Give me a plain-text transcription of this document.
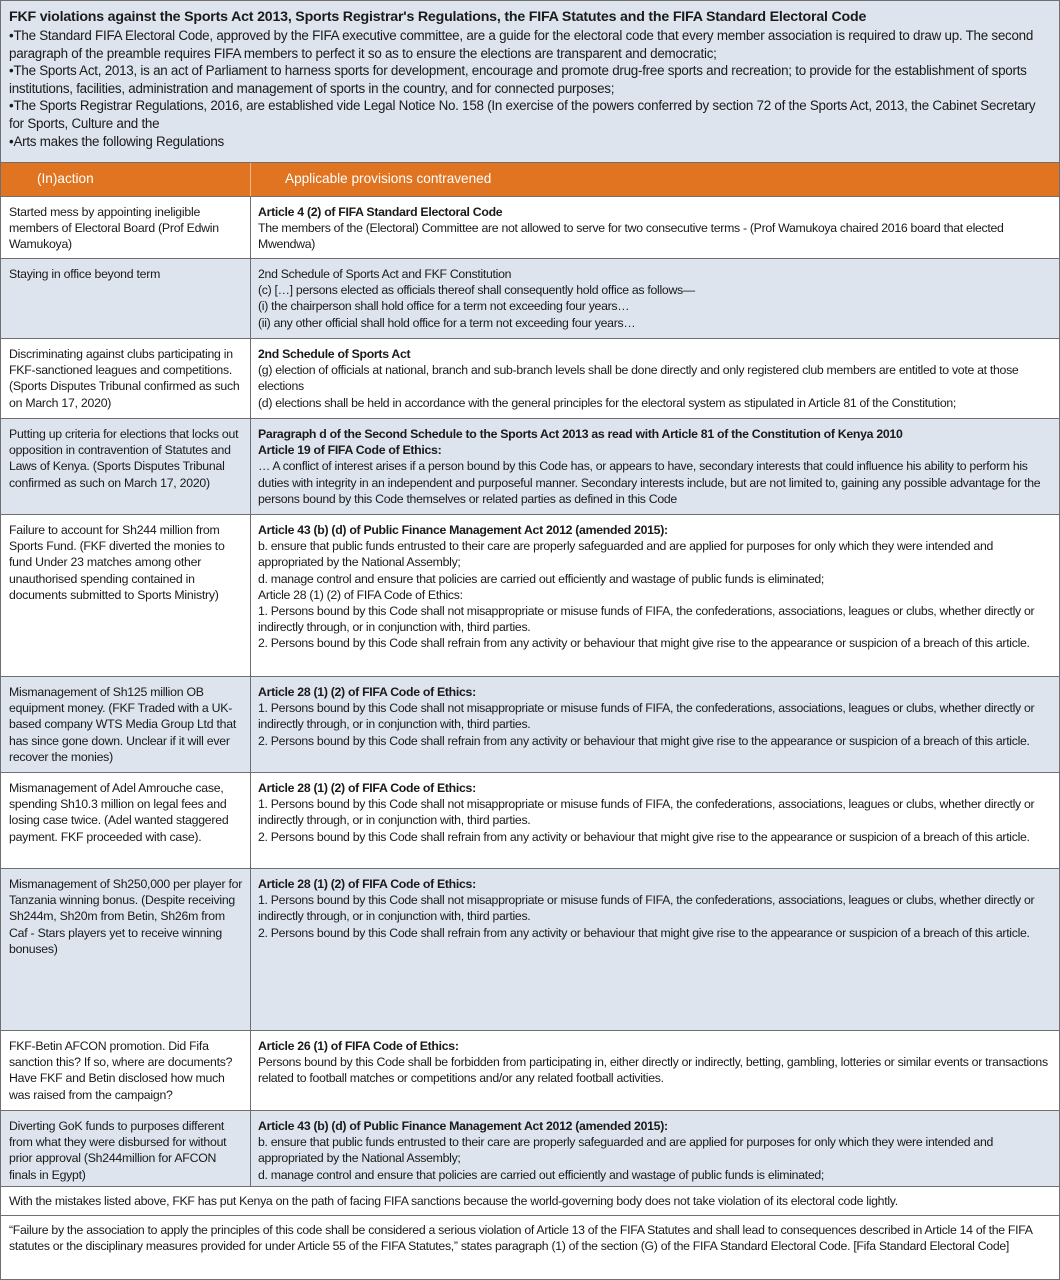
FKF violations against the Sports Act 2013, Sports Registrar's Regulations, the FIFA Statutes and the FIFA Standard Electoral Code

•The Standard FIFA Electoral Code, approved by the FIFA executive committee, are a guide for the electoral code that every member association is required to draw up. The second paragraph of the preamble requires FIFA members to perfect it so as to ensure the elections are transparent and democratic;

•The Sports Act, 2013, is an act of Parliament to harness sports for development, encourage and promote drug-free sports and recreation; to provide for the establishment of sports institutions, facilities, administration and management of sports in the country, and for connected purposes;

•The Sports Registrar Regulations, 2016, are established vide Legal Notice No. 158 (In exercise of the powers conferred by section 72 of the Sports Act, 2013, the Cabinet Secretary for Sports, Culture and the

•Arts makes the following Regulations

(In)action	Applicable provisions contravened
Started mess by appointing ineligible members of Electoral Board (Prof Edwin Wamukoya)
Article 4 (2) of FIFA Standard Electoral Code
The members of the (Electoral) Committee are not allowed to serve for two consecutive terms - (Prof Wamukoya chaired 2016 board that elected Mwendwa)
Staying in office beyond term	2nd Schedule of Sports Act and FKF Constitution
(c) […] persons elected as officials thereof shall consequently hold office as follows—
(i) the chairperson shall hold office for a term not exceeding four years…
(ii) any other official shall hold office for a term not exceeding four years…
Discriminating against clubs participating in FKF-sanctioned leagues and competitions. (Sports Disputes Tribunal confirmed as such on March 17, 2020)
2nd Schedule of Sports Act
(g) election of officials at national, branch and sub-branch levels shall be done directly and only registered club members are entitled to vote at those elections
(d) elections shall be held in accordance with the general principles for the electoral system as stipulated in Article 81 of the Constitution;
Putting up criteria for elections that locks out opposition in contravention of Statutes and Laws of Kenya. (Sports Disputes Tribunal confirmed as such on March 17, 2020)
Paragraph d of the Second Schedule to the Sports Act 2013 as read with Article 81 of the Constitution of Kenya 2010
Article 19 of FIFA Code of Ethics:
… A conflict of interest arises if a person bound by this Code has, or appears to have, secondary interests that could influence his ability to perform his duties with integrity in an independent and purposeful manner. Secondary interests include, but are not limited to, gaining any possible advantage for the persons bound by this Code themselves or related parties as defined in this Code
Failure to account for Sh244 million from Sports Fund. (FKF diverted the monies to fund Under 23 matches among other unauthorised spending contained in documents submitted to Sports Ministry)
Article 43 (b) (d) of Public Finance Management Act 2012 (amended 2015):
b. ensure that public funds entrusted to their care are properly safeguarded and are applied for purposes for only which they were intended and appropriated by the National Assembly;
d. manage control and ensure that policies are carried out efficiently and wastage of public funds is eliminated;
Article 28 (1) (2) of FIFA Code of Ethics:
1. Persons bound by this Code shall not misappropriate or misuse funds of FIFA, the confederations, associations, leagues or clubs, whether directly or indirectly through, or in conjunction with, third parties.
2. Persons bound by this Code shall refrain from any activity or behaviour that might give rise to the appearance or suspicion of a breach of this article.
Mismanagement of Sh125 million OB equipment money. (FKF Traded with a UK-based company WTS Media Group Ltd that has since gone down. Unclear if it will ever recover the monies)
Article 28 (1) (2) of FIFA Code of Ethics:
1. Persons bound by this Code shall not misappropriate or misuse funds of FIFA, the confederations, associations, leagues or clubs, whether directly or indirectly through, or in conjunction with, third parties.
2. Persons bound by this Code shall refrain from any activity or behaviour that might give rise to the appearance or suspicion of a breach of this article.
Mismanagement of Adel Amrouche case, spending Sh10.3 million on legal fees and losing case twice. (Adel wanted staggered payment. FKF proceeded with case).
Article 28 (1) (2) of FIFA Code of Ethics:
1. Persons bound by this Code shall not misappropriate or misuse funds of FIFA, the confederations, associations, leagues or clubs, whether directly or indirectly through, or in conjunction with, third parties.
2. Persons bound by this Code shall refrain from any activity or behaviour that might give rise to the appearance or suspicion of a breach of this article.
Mismanagement of Sh250,000 per player for Tanzania winning bonus. (Despite receiving Sh244m, Sh20m from Betin, Sh26m from Caf - Stars players yet to receive winning bonuses)
Article 28 (1) (2) of FIFA Code of Ethics:
1. Persons bound by this Code shall not misappropriate or misuse funds of FIFA, the confederations, associations, leagues or clubs, whether directly or indirectly through, or in conjunction with, third parties.
2. Persons bound by this Code shall refrain from any activity or behaviour that might give rise to the appearance or suspicion of a breach of this article.
FKF-Betin AFCON promotion. Did Fifa sanction this? If so, where are documents? Have FKF and Betin disclosed how much was raised from the campaign?
Article 26 (1) of FIFA Code of Ethics:
Persons bound by this Code shall be forbidden from participating in, either directly or indirectly, betting, gambling, lotteries or similar events or transactions related to football matches or competitions and/or any related football activities.
Diverting GoK funds to purposes different from what they were disbursed for without prior approval (Sh244million for AFCON finals in Egypt)
Article 43 (b) (d) of Public Finance Management Act 2012 (amended 2015):
b. ensure that public funds entrusted to their care are properly safeguarded and are applied for purposes for only which they were intended and appropriated by the National Assembly;
d. manage control and ensure that policies are carried out efficiently and wastage of public funds is eliminated;
With the mistakes listed above, FKF has put Kenya on the path of facing FIFA sanctions because the world-governing body does not take violation of its electoral code lightly.
“Failure by the association to apply the principles of this code shall be considered a serious violation of Article 13 of the FIFA Statutes and shall lead to consequences described in Article 14 of the FIFA statutes or the disciplinary measures provided for under Article 55 of the FIFA Statutes,” states paragraph (1) of the section (G) of the FIFA Standard Electoral Code. [Fifa Standard Electoral Code]
